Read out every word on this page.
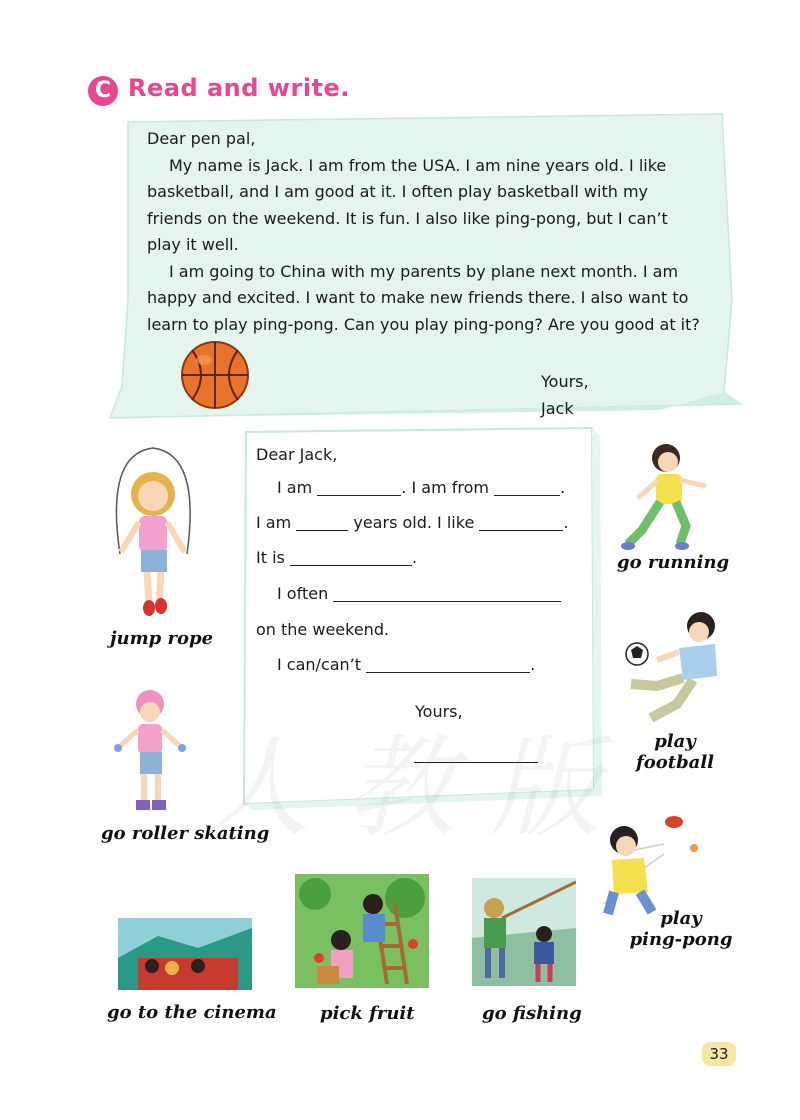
C Read and write.

Dear pen pal,

My name is Jack. I am from the USA. I am nine years old. I like

basketball, and I am good at it. I often play basketball with my

friends on the weekend. It is fun. I also like ping-pong, but I can’t

play it well.

I am going to China with my parents by plane next month. I am

happy and excited. I want to make new friends there. I also want to

learn to play ping-pong. Can you play ping-pong? Are you good at it?

Yours,
Jack
Dear Jack,
I am	. I am from	.
I am	years old. I like	.
It is	.
I often
on the weekend.
I can/can’t	.
Yours,
jump rope
go running
play
football
go roller skating
play
ping-pong
go to the cinema pick fruit	go fishing
33
